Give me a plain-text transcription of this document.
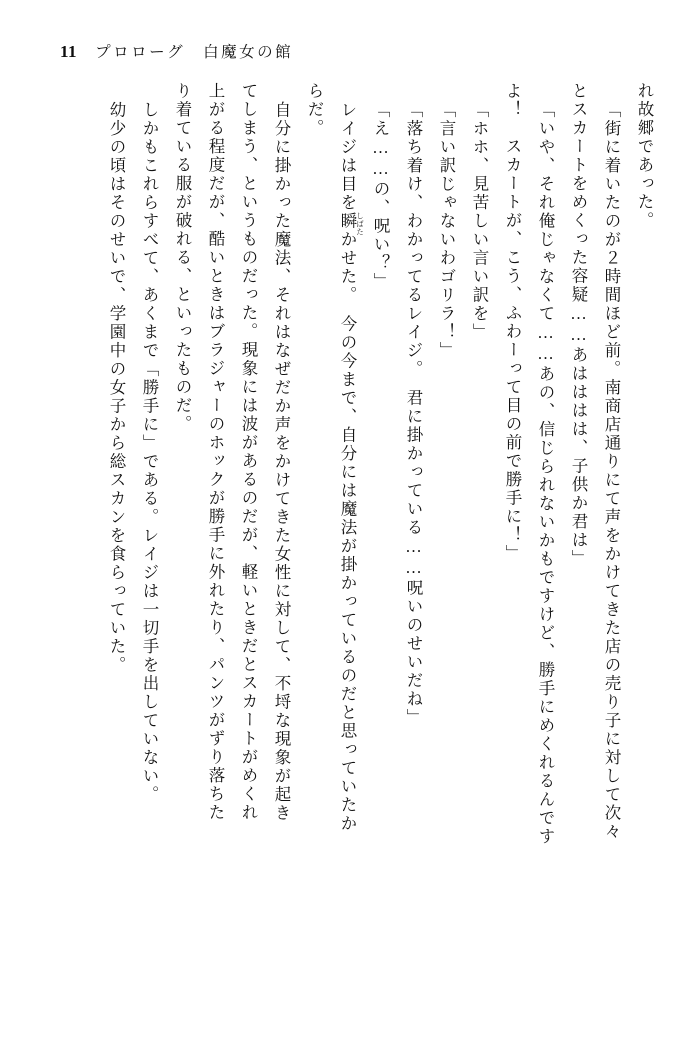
11 プロローグ　白魔女の館
れ故郷であった。
「街に着いたのが２時間ほど前。南商店通りにて声をかけてきた店の売り子に対して次々
とスカートをめくった容疑……あはははは、子供か君は」
「いや、それ俺じゃなくて……あの、信じられないかもですけど、勝手にめくれるんです
よ！　スカートが、こう、ふわーって目の前で勝手に！」
「ホホ、見苦しい言い訳を」
「言い訳じゃないわゴリラ！」
「落ち着け、わかってるレイジ。　君に掛かっている……呪いのせいだね」
「え……の、呪い？」
レイジは目を瞬
しばた
かせた。　今の今まで、自分には魔法が掛かっているのだと思っていたか
らだ。
自分に掛かった魔法、それはなぜだか声をかけてきた女性に対して、不埒な現象が起き
てしまう、というものだった。現象には波があるのだが、軽いときだとスカートがめくれ
上がる程度だが、酷いときはブラジャーのホックが勝手に外れたり、パンツがずり落ちた
り着ている服が破れる、といったものだ。
しかもこれらすべて、あくまで「勝手に」である。レイジは一切手を出していない。
幼少の頃はそのせいで、学園中の女子から総スカンを食らっていた。
